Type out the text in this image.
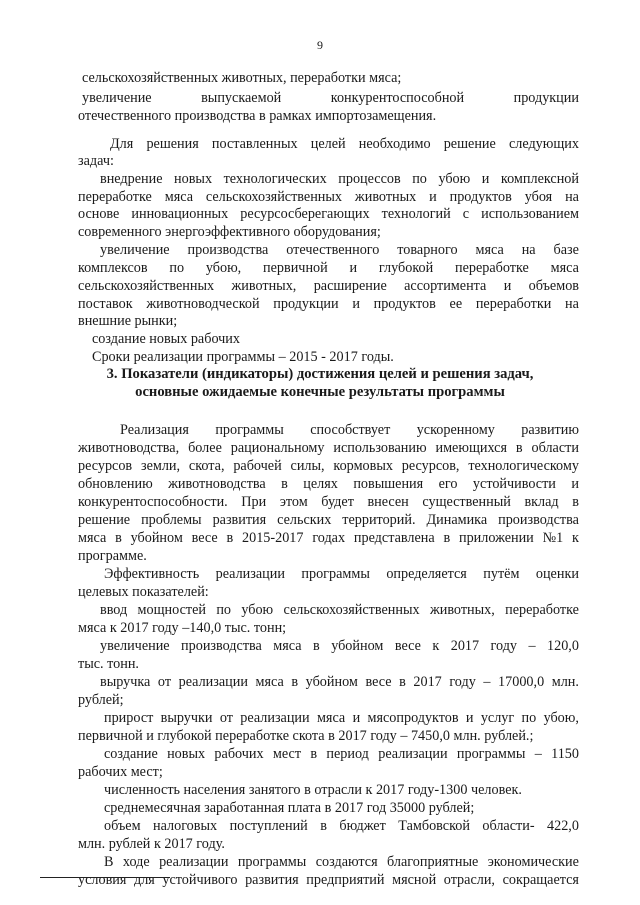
9
сельскохозяйственных животных, переработки мяса;
увеличение	выпускаемой	конкурентоспособной	продукции
отечественного производства в рамках импортозамещения.
Для решения поставленных целей необходимо решение следующих
задач:
внедрение новых технологических процессов по убою и комплексной
переработке мяса сельскохозяйственных животных и продуктов убоя на
основе инновационных ресурсосберегающих технологий с использованием
современного энергоэффективного оборудования;
увеличение производства отечественного товарного мяса на базе
комплексов по убою, первичной и глубокой переработке мяса
сельскохозяйственных животных, расширение ассортимента и объемов
поставок животноводческой продукции и продуктов ее переработки на
внешние рынки;
создание новых рабочих
Сроки реализации программы – 2015 - 2017 годы.
Реализация программы способствует ускоренному развитию
животноводства, более рациональному использованию имеющихся в области
ресурсов земли, скота, рабочей силы, кормовых ресурсов, технологическому
обновлению животноводства в целях повышения его устойчивости и
конкурентоспособности. При этом будет внесен существенный вклад в
решение проблемы развития сельских территорий. Динамика производства
мяса в убойном весе в 2015-2017 годах представлена в приложении №1 к
программе.
Эффективность реализации программы определяется путём оценки
целевых показателей:
ввод мощностей по убою сельскохозяйственных животных, переработке
мяса к 2017 году –140,0 тыс. тонн;
увеличение производства мяса в убойном весе к 2017 году – 120,0
тыс. тонн.
выручка от реализации мяса в убойном весе в 2017 году – 17000,0 млн.
рублей;
прирост выручки от реализации мяса и мясопродуктов и услуг по убою,
первичной и глубокой переработке скота в 2017 году – 7450,0 млн. рублей.;
создание новых рабочих мест в период реализации программы – 1150
рабочих мест;
численность населения занятого в отрасли к 2017 году-1300 человек.
среднемесячная заработанная плата в 2017 год 35000 рублей;
объем налоговых поступлений в бюджет Тамбовской области- 422,0
млн. рублей к 2017 году.
В ходе реализации программы создаются благоприятные экономические
условия для устойчивого развития предприятий мясной отрасли, сокращается
3. Показатели (индикаторы) достижения целей и решения задач,
основные ожидаемые конечные результаты программы
